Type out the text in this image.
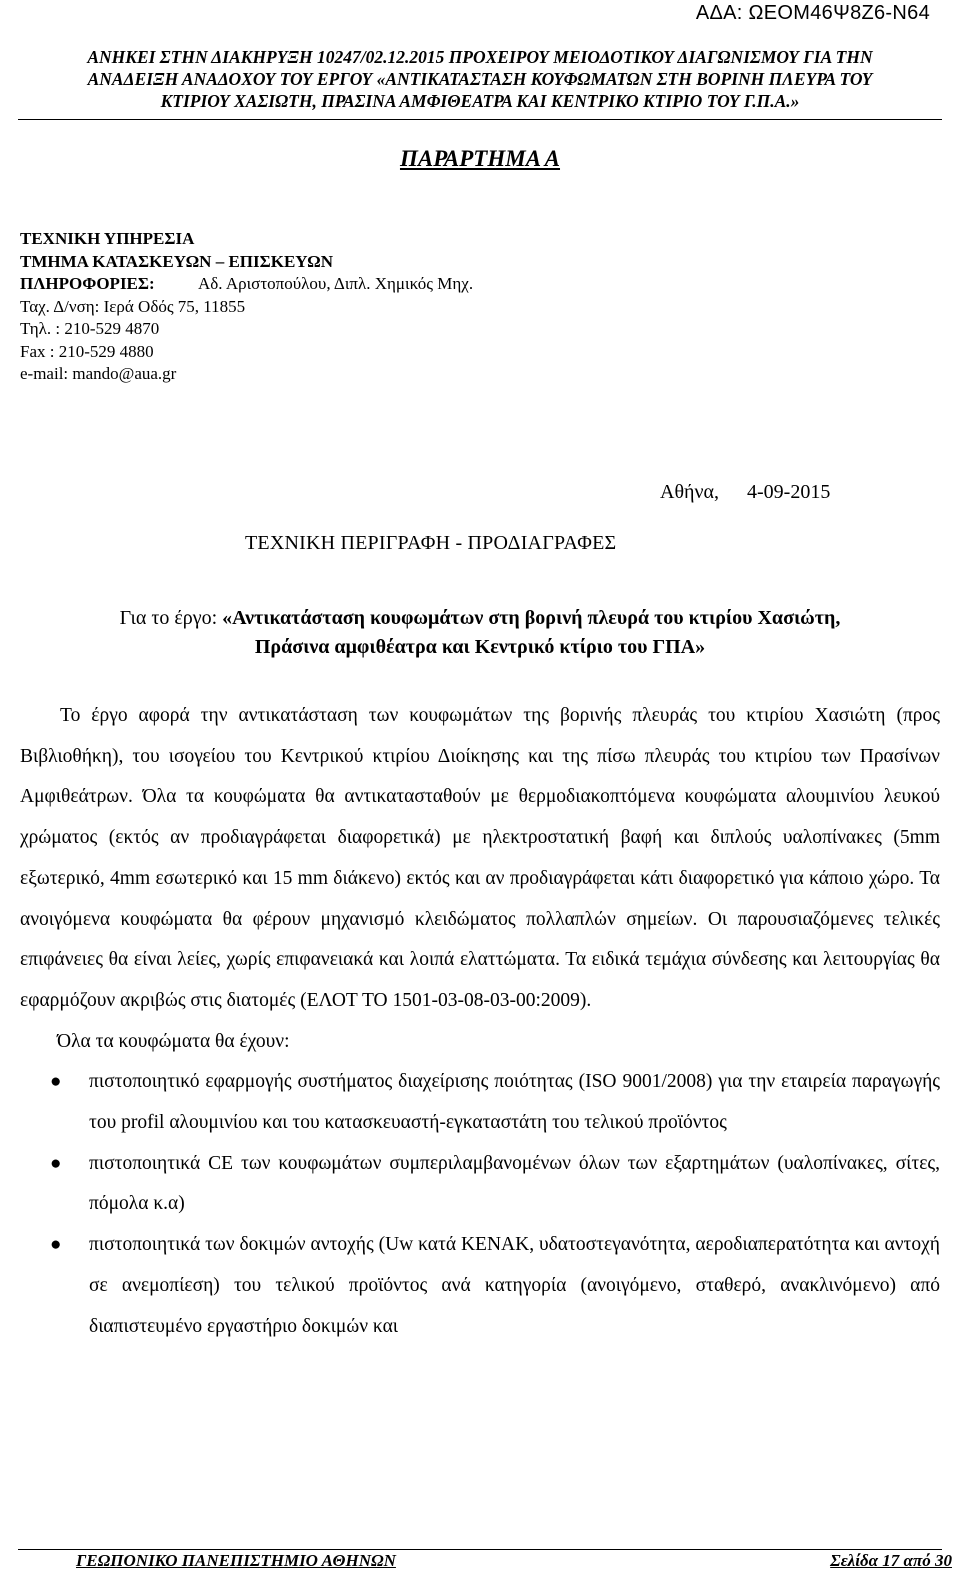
ΑΔΑ: ΩΕΟΜ46Ψ8Ζ6-Ν64
ΑΝΗΚΕΙ ΣΤΗΝ ΔΙΑΚΗΡΥΞΗ 10247/02.12.2015 ΠΡΟΧΕΙΡΟΥ ΜΕΙΟΔΟΤΙΚΟΥ ΔΙΑΓΩΝΙΣΜΟΥ ΓΙΑ ΤΗΝ
ΑΝΑΔΕΙΞΗ ΑΝΑΔΟΧΟΥ ΤΟΥ ΕΡΓΟΥ «ΑΝΤΙΚΑΤΑΣΤΑΣΗ ΚΟΥΦΩΜΑΤΩΝ ΣΤΗ ΒΟΡΙΝΗ ΠΛΕΥΡΑ ΤΟΥ
ΚΤΙΡΙΟΥ ΧΑΣΙΩΤΗ, ΠΡΑΣΙΝΑ ΑΜΦΙΘΕΑΤΡΑ ΚΑΙ ΚΕΝΤΡΙΚΟ ΚΤΙΡΙΟ ΤΟΥ Γ.Π.Α.»
ΠΑΡΑΡΤΗΜΑ Α
ΤΕΧΝΙΚΗ ΥΠΗΡΕΣΙΑ
ΤΜΗΜΑ ΚΑΤΑΣΚΕΥΩΝ – ΕΠΙΣΚΕΥΩΝ
ΠΛΗΡΟΦΟΡΙΕΣ:	Αδ. Αριστοπούλου, Διπλ. Χημικός Μηχ.
Ταχ. Δ/νση: Ιερά Οδός 75, 11855
Τηλ. : 210-529 4870
Fax : 210-529 4880
e-mail: mando@aua.gr
Αθήνα, 4-09-2015
ΤΕΧΝΙΚΗ ΠΕΡΙΓΡΑΦΗ - ΠΡΟΔΙΑΓΡΑΦΕΣ
Για το έργο: «Αντικατάσταση κουφωμάτων στη βορινή πλευρά του κτιρίου Χασιώτη,
Πράσινα αμφιθέατρα και Κεντρικό κτίριο του ΓΠΑ»

Το έργο αφορά την αντικατάσταση των κουφωμάτων της βορινής πλευράς του κτιρίου Χασιώτη (προς Βιβλιοθήκη), του ισογείου του Κεντρικού κτιρίου Διοίκησης και της πίσω πλευράς του κτιρίου των Πρασίνων Αμφιθεάτρων. Όλα τα κουφώματα θα αντικατασταθούν με θερμοδιακοπτόμενα κουφώματα αλουμινίου λευκού χρώματος (εκτός αν προδιαγράφεται διαφορετικά) με ηλεκτροστατική βαφή και διπλούς υαλοπίνακες (5mm εξωτερικό, 4mm εσωτερικό και 15 mm διάκενο) εκτός και αν προδιαγράφεται κάτι διαφορετικό για κάποιο χώρο. Τα ανοιγόμενα κουφώματα θα φέρουν μηχανισμό κλειδώματος πολλαπλών σημείων. Οι παρουσιαζόμενες τελικές επιφάνειες θα είναι λείες, χωρίς επιφανειακά και λοιπά ελαττώματα. Τα ειδικά τεμάχια σύνδεσης και λειτουργίας θα εφαρμόζουν ακριβώς στις διατομές (ΕΛΟΤ ΤΟ 1501-03-08-03-00:2009).

Όλα τα κουφώματα θα έχουν:

● πιστοποιητικό εφαρμογής συστήματος διαχείρισης ποιότητας (ISO 9001/2008) για την εταιρεία παραγωγής του profil αλουμινίου και του κατασκευαστή-εγκαταστάτη του τελικού προϊόντος
● πιστοποιητικά CE των κουφωμάτων συμπεριλαμβανομένων όλων των εξαρτημάτων (υαλοπίνακες, σίτες, πόμολα κ.α)
● πιστοποιητικά των δοκιμών αντοχής (Uw κατά ΚΕΝΑΚ, υδατοστεγανότητα, αεροδιαπερατότητα και αντοχή σε ανεμοπίεση) του τελικού προϊόντος ανά κατηγορία (ανοιγόμενο, σταθερό, ανακλινόμενο) από διαπιστευμένο εργαστήριο δοκιμών και
ΓΕΩΠΟΝΙΚΟ ΠΑΝΕΠΙΣΤΗΜΙΟ ΑΘΗΝΩΝ	Σελίδα 17 από 30
